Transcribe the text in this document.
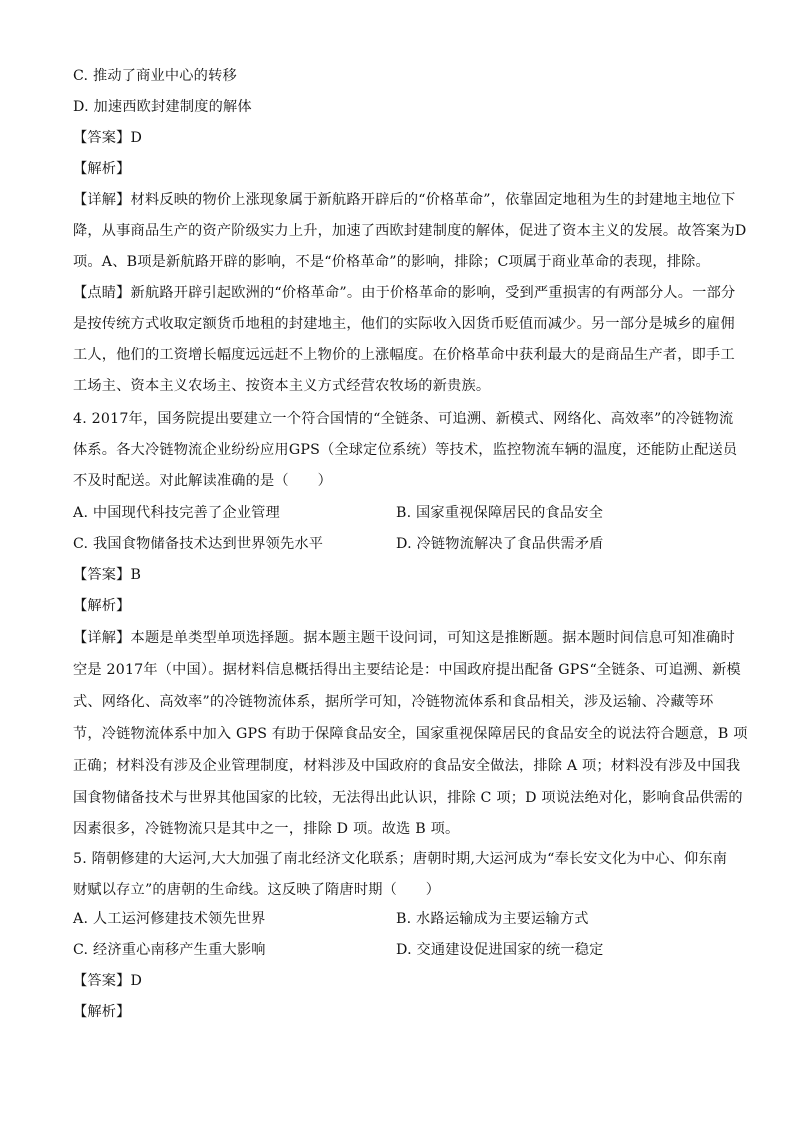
C. 推动了商业中心的转移
D. 加速西欧封建制度的解体
【答案】D
【解析】
【详解】材料反映的物价上涨现象属于新航路开辟后的“价格革命”，依靠固定地租为生的封建地主地位下
降，从事商品生产的资产阶级实力上升，加速了西欧封建制度的解体，促进了资本主义的发展。故答案为D
项。A、B项是新航路开辟的影响，不是“价格革命”的影响，排除；C项属于商业革命的表现，排除。
【点睛】新航路开辟引起欧洲的“价格革命”。由于价格革命的影响，受到严重损害的有两部分人。一部分
是按传统方式收取定额货币地租的封建地主，他们的实际收入因货币贬值而减少。另一部分是城乡的雇佣
工人，他们的工资增长幅度远远赶不上物价的上涨幅度。在价格革命中获利最大的是商品生产者，即手工
工场主、资本主义农场主、按资本主义方式经营农牧场的新贵族。
4. 2017年，国务院提出要建立一个符合国情的“全链条、可追溯、新模式、网络化、高效率”的冷链物流
体系。各大冷链物流企业纷纷应用GPS（全球定位系统）等技术，监控物流车辆的温度，还能防止配送员
不及时配送。对此解读准确的是（　　）
A. 中国现代科技完善了企业管理	B. 国家重视保障居民的食品安全
C. 我国食物储备技术达到世界领先水平	D. 冷链物流解决了食品供需矛盾
【答案】B
【解析】
【详解】本题是单类型单项选择题。据本题主题干设问词，可知这是推断题。据本题时间信息可知准确时
空是 2017年（中国）。据材料信息概括得出主要结论是：中国政府提出配备 GPS“全链条、可追溯、新模
式、网络化、高效率”的冷链物流体系，据所学可知，冷链物流体系和食品相关，涉及运输、冷藏等环
节，冷链物流体系中加入 GPS 有助于保障食品安全，国家重视保障居民的食品安全的说法符合题意，B 项
正确；材料没有涉及企业管理制度，材料涉及中国政府的食品安全做法，排除 A 项；材料没有涉及中国我
国食物储备技术与世界其他国家的比较，无法得出此认识，排除 C 项；D 项说法绝对化，影响食品供需的
因素很多，冷链物流只是其中之一，排除 D 项。故选 B 项。
5. 隋朝修建的大运河,大大加强了南北经济文化联系；唐朝时期,大运河成为“奉长安文化为中心、仰东南
财赋以存立”的唐朝的生命线。这反映了隋唐时期（　　）
A. 人工运河修建技术领先世界	B. 水路运输成为主要运输方式
C. 经济重心南移产生重大影响	D. 交通建设促进国家的统一稳定
【答案】D
【解析】
